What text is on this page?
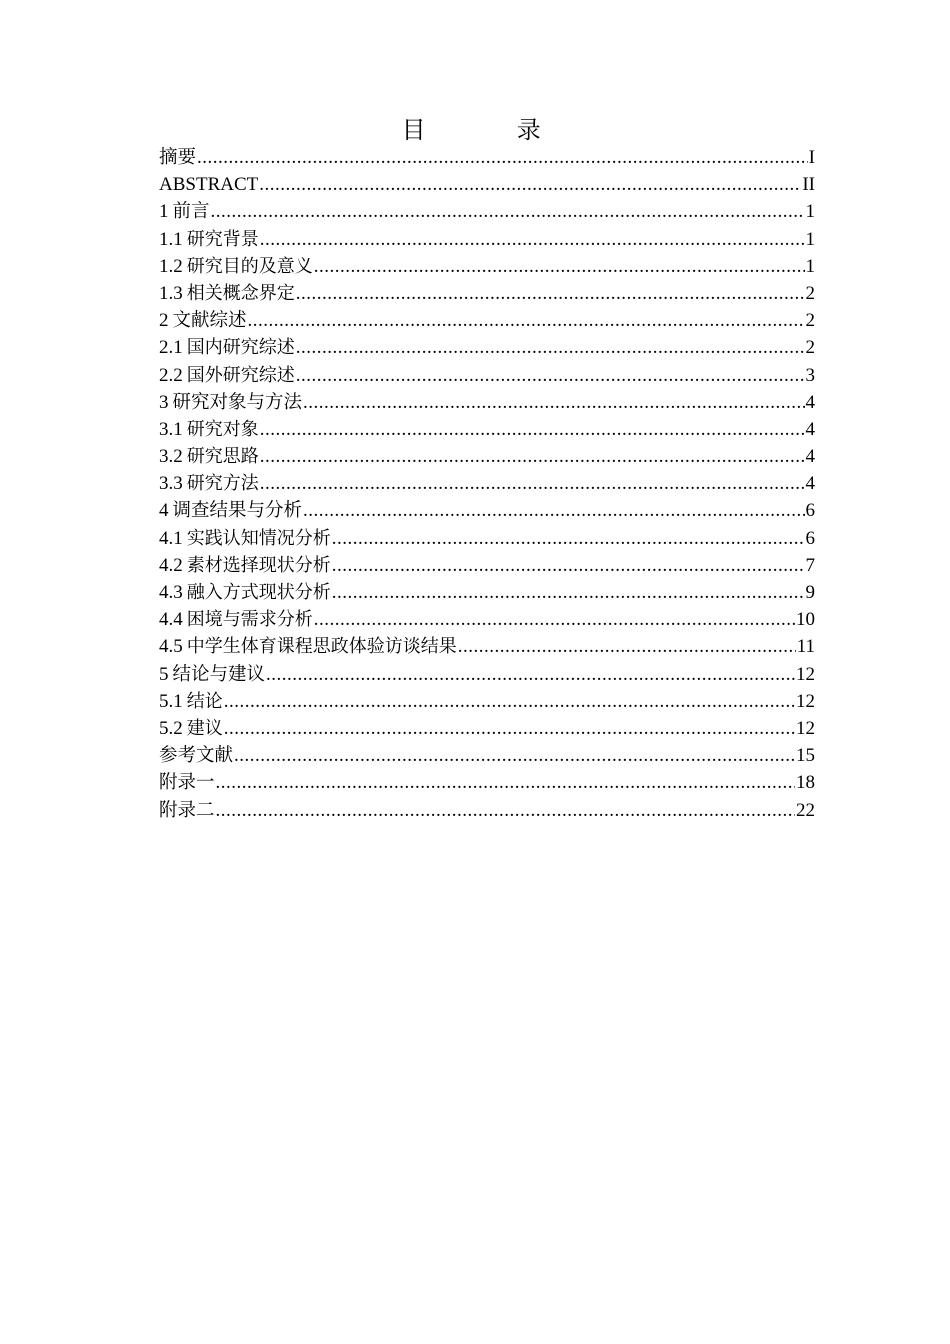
目　录
摘要 .....	I
ABSTRACT .....	II
1 前言 .....	1
1.1 研究背景 .....	1
1.2 研究目的及意义 .....	1
1.3 相关概念界定 .....	2
2 文献综述 .....	2
2.1 国内研究综述 .....	2
2.2 国外研究综述 .....	3
3 研究对象与方法 .....	4
3.1 研究对象 .....	4
3.2 研究思路 .....	4
3.3 研究方法 .....	4
4 调查结果与分析 .....	6
4.1 实践认知情况分析 .....	6
4.2 素材选择现状分析 .....	7
4.3 融入方式现状分析 .....	9
4.4 困境与需求分析 .....	10
4.5 中学生体育课程思政体验访谈结果 .....	11
5 结论与建议 .....	12
5.1 结论 .....	12
5.2 建议 .....	12
参考文献 .....	15
附录一 .....	18
附录二 .....	22
